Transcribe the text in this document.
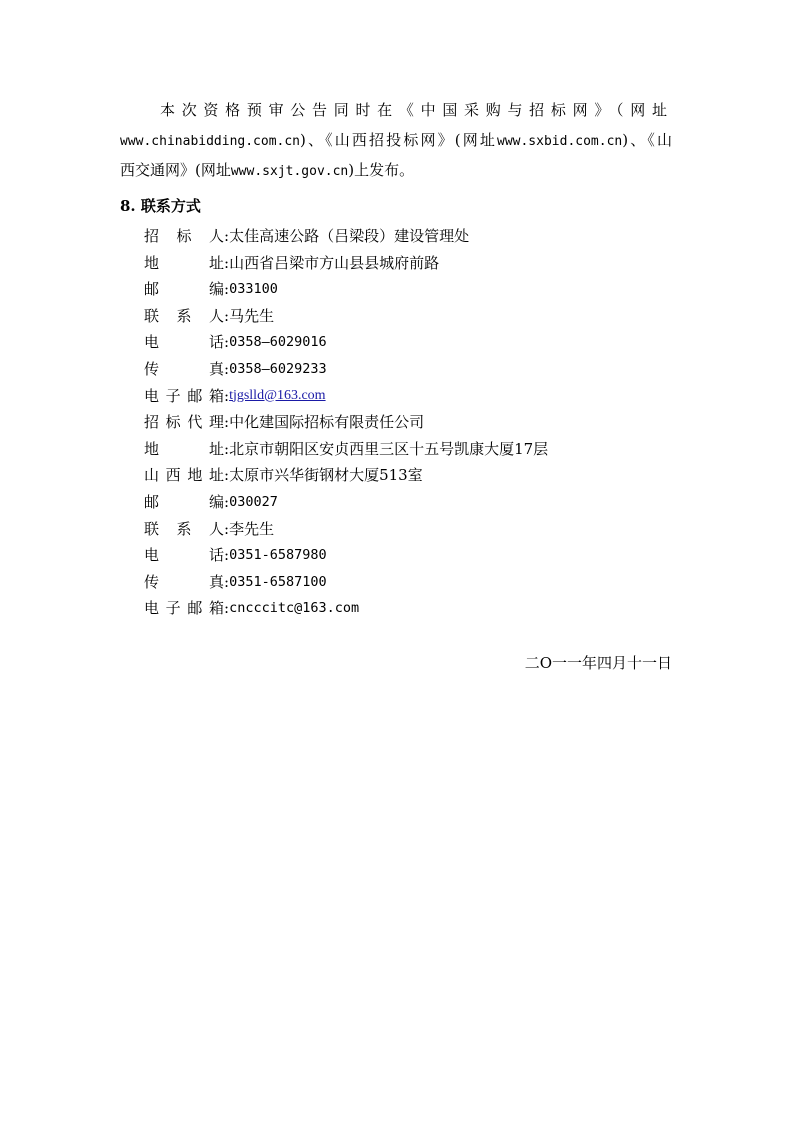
本次资格预审公告同时在《中国采购与招标网》（网址
www.chinabidding.com.cn)、《山西招投标网》(网址www.sxbid.com.cn)、《山
西交通网》(网址www.sxjt.gov.cn)上发布。
8. 联系方式
招 标 人 : 太佳高速公路（吕梁段）建设管理处
地 址 : 山西省吕梁市方山县县城府前路
邮 编 : 033100
联 系 人 : 马先生
电 话 : 0358—6029016
传 真 : 0358—6029233
电子邮箱 : tjgslld@163.com
招标代理 : 中化建国际招标有限责任公司
地 址 : 北京市朝阳区安贞西里三区十五号凯康大厦17层
山西地址 : 太原市兴华街钢材大厦513室
邮 编 : 030027
联 系 人 : 李先生
电 话 : 0351-6587980
传 真 : 0351-6587100
电子邮箱 : cncccitc@163.com
二O一一年四月十一日
